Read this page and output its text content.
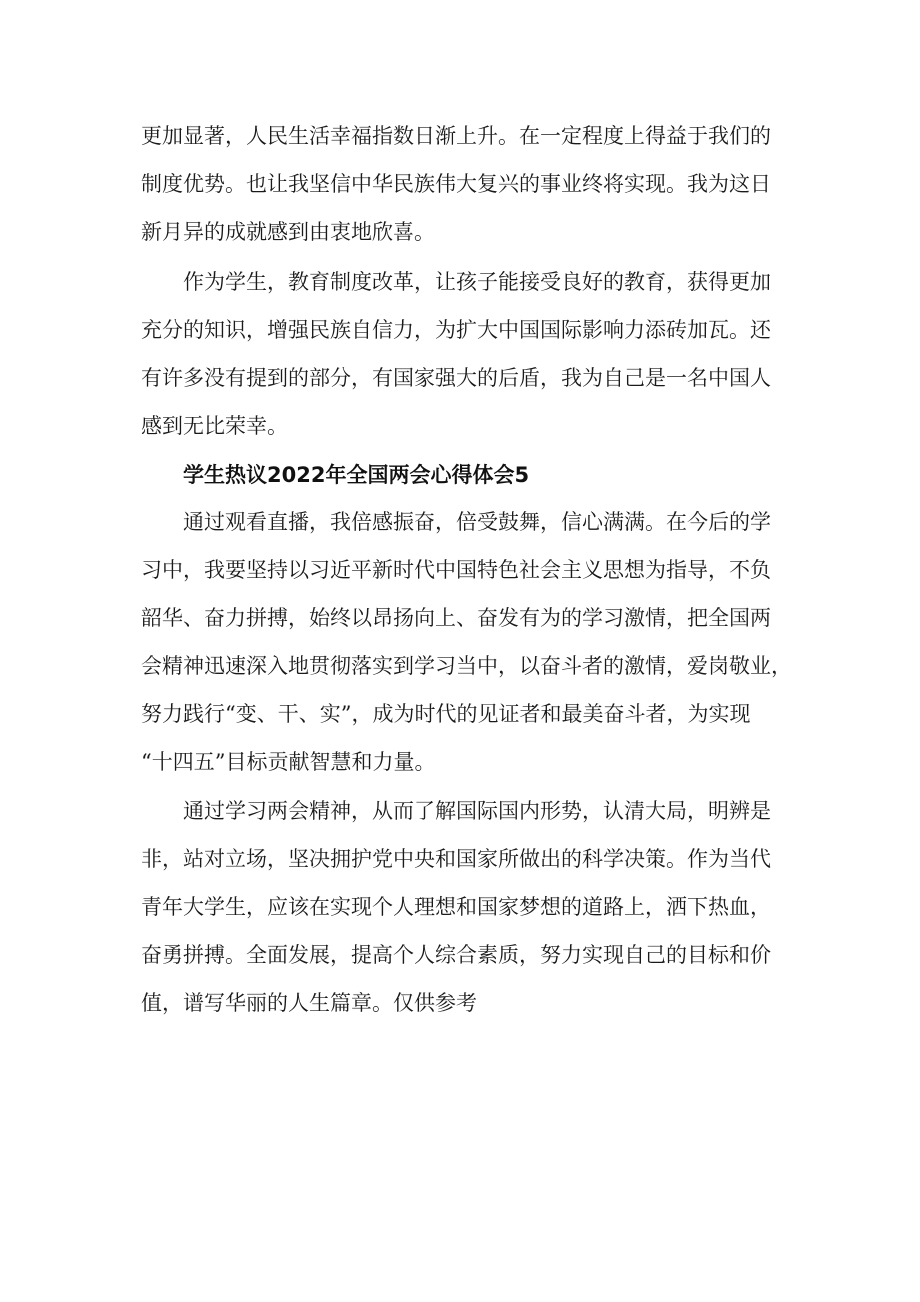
更加显著，人民生活幸福指数日渐上升。在一定程度上得益于我们的
制度优势。也让我坚信中华民族伟大复兴的事业终将实现。我为这日
新月异的成就感到由衷地欣喜。
作为学生，教育制度改革，让孩子能接受良好的教育，获得更加
充分的知识，增强民族自信力，为扩大中国国际影响力添砖加瓦。还
有许多没有提到的部分，有国家强大的后盾，我为自己是一名中国人
感到无比荣幸。
学生热议2022年全国两会心得体会5
通过观看直播，我倍感振奋，倍受鼓舞，信心满满。在今后的学
习中，我要坚持以习近平新时代中国特色社会主义思想为指导，不负
韶华、奋力拼搏，始终以昂扬向上、奋发有为的学习激情，把全国两
会精神迅速深入地贯彻落实到学习当中，以奋斗者的激情，爱岗敬业，
努力践行“变、干、实”，成为时代的见证者和最美奋斗者，为实现
“十四五”目标贡献智慧和力量。
通过学习两会精神，从而了解国际国内形势，认清大局，明辨是
非，站对立场，坚决拥护党中央和国家所做出的科学决策。作为当代
青年大学生，应该在实现个人理想和国家梦想的道路上，洒下热血，
奋勇拼搏。全面发展，提高个人综合素质，努力实现自己的目标和价
值，谱写华丽的人生篇章。仅供参考
